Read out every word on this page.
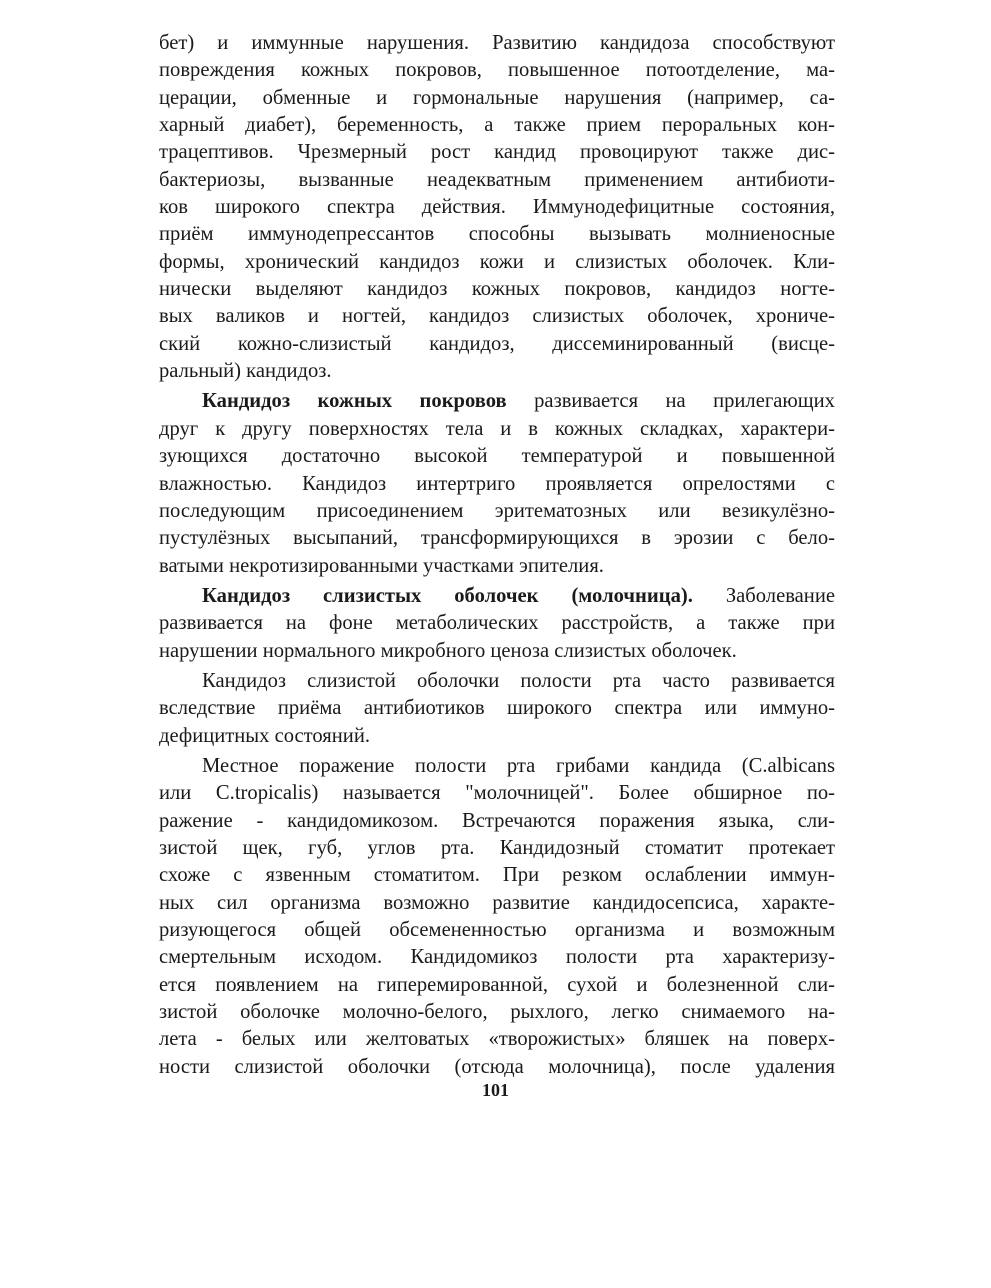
бет) и иммунные нарушения. Развитию кандидоза способствуют
повреждения кожных покровов, повышенное потоотделение, ма-
церации, обменные и гормональные нарушения (например, са-
харный диабет), беременность, а также прием пероральных кон-
трацептивов. Чрезмерный рост кандид провоцируют также дис-
бактериозы, вызванные неадекватным применением антибиоти-
ков широкого спектра действия. Иммунодефицитные состояния,
приём иммунодепрессантов способны вызывать молниеносные
формы, хронический кандидоз кожи и слизистых оболочек. Кли-
нически выделяют кандидоз кожных покровов, кандидоз ногте-
вых валиков и ногтей, кандидоз слизистых оболочек, хрониче-
ский кожно-слизистый кандидоз, диссеминированный (висце-
ральный) кандидоз.
Кандидоз кожных покровов развивается на прилегающих
друг к другу поверхностях тела и в кожных складках, характери-
зующихся достаточно высокой температурой и повышенной
влажностью. Кандидоз интертриго проявляется опрелостями с
последующим присоединением эритематозных или везикулёзно-
пустулёзных высыпаний, трансформирующихся в эрозии с бело-
ватыми некротизированными участками эпителия.
Кандидоз слизистых оболочек (молочница). Заболевание
развивается на фоне метаболических расстройств, а также при
нарушении нормального микробного ценоза слизистых оболочек.
Кандидоз слизистой оболочки полости рта часто развивается
вследствие приёма антибиотиков широкого спектра или иммуно-
дефицитных состояний.
Местное поражение полости рта грибами кандида (C.albicans
или C.tropicalis) называется "молочницей". Более обширное по-
ражение - кандидомикозом. Встречаются поражения языка, сли-
зистой щек, губ, углов рта. Кандидозный стоматит протекает
схоже с язвенным стоматитом. При резком ослаблении иммун-
ных сил организма возможно развитие кандидосепсиса, характе-
ризующегося общей обсемененностью организма и возможным
смертельным исходом. Кандидомикоз полости рта характеризу-
ется появлением на гиперемированной, сухой и болезненной сли-
зистой оболочке молочно-белого, рыхлого, легко снимаемого на-
лета - белых или желтоватых «творожистых» бляшек на поверх-
ности слизистой оболочки (отсюда молочница), после удаления
101
